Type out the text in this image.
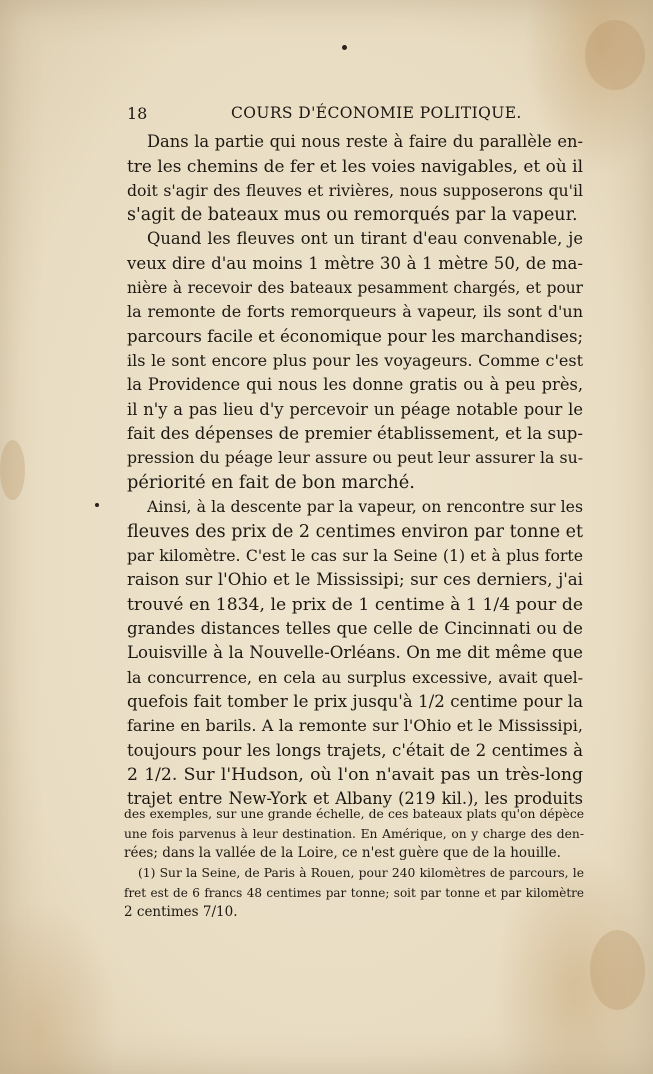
18	COURS D'ÉCONOMIE POLITIQUE.
Dans la partie qui nous reste à faire du parallèle en-
tre les chemins de fer et les voies navigables, et où il
doit s'agir des fleuves et rivières, nous supposerons qu'il
s'agit de bateaux mus ou remorqués par la vapeur.
Quand les fleuves ont un tirant d'eau convenable, je
veux dire d'au moins 1 mètre 30 à 1 mètre 50, de ma-
nière à recevoir des bateaux pesamment chargés, et pour
la remonte de forts remorqueurs à vapeur, ils sont d'un
parcours facile et économique pour les marchandises;
ils le sont encore plus pour les voyageurs. Comme c'est
la Providence qui nous les donne gratis ou à peu près,
il n'y a pas lieu d'y percevoir un péage notable pour le
fait des dépenses de premier établissement, et la sup-
pression du péage leur assure ou peut leur assurer la su-
périorité en fait de bon marché.
Ainsi, à la descente par la vapeur, on rencontre sur les
fleuves des prix de 2 centimes environ par tonne et
par kilomètre. C'est le cas sur la Seine (1) et à plus forte
raison sur l'Ohio et le Mississipi; sur ces derniers, j'ai
trouvé en 1834, le prix de 1 centime à 1 1/4 pour de
grandes distances telles que celle de Cincinnati ou de
Louisville à la Nouvelle-Orléans. On me dit même que
la concurrence, en cela au surplus excessive, avait quel-
quefois fait tomber le prix jusqu'à 1/2 centime pour la
farine en barils. A la remonte sur l'Ohio et le Mississipi,
toujours pour les longs trajets, c'était de 2 centimes à
2 1/2. Sur l'Hudson, où l'on n'avait pas un très-long
trajet entre New-York et Albany (219 kil.), les produits
des exemples, sur une grande échelle, de ces bateaux plats qu'on dépèce
une fois parvenus à leur destination. En Amérique, on y charge des den-
rées; dans la vallée de la Loire, ce n'est guère que de la houille.
(1) Sur la Seine, de Paris à Rouen, pour 240 kilomètres de parcours, le
fret est de 6 francs 48 centimes par tonne; soit par tonne et par kilomètre
2 centimes 7/10.
